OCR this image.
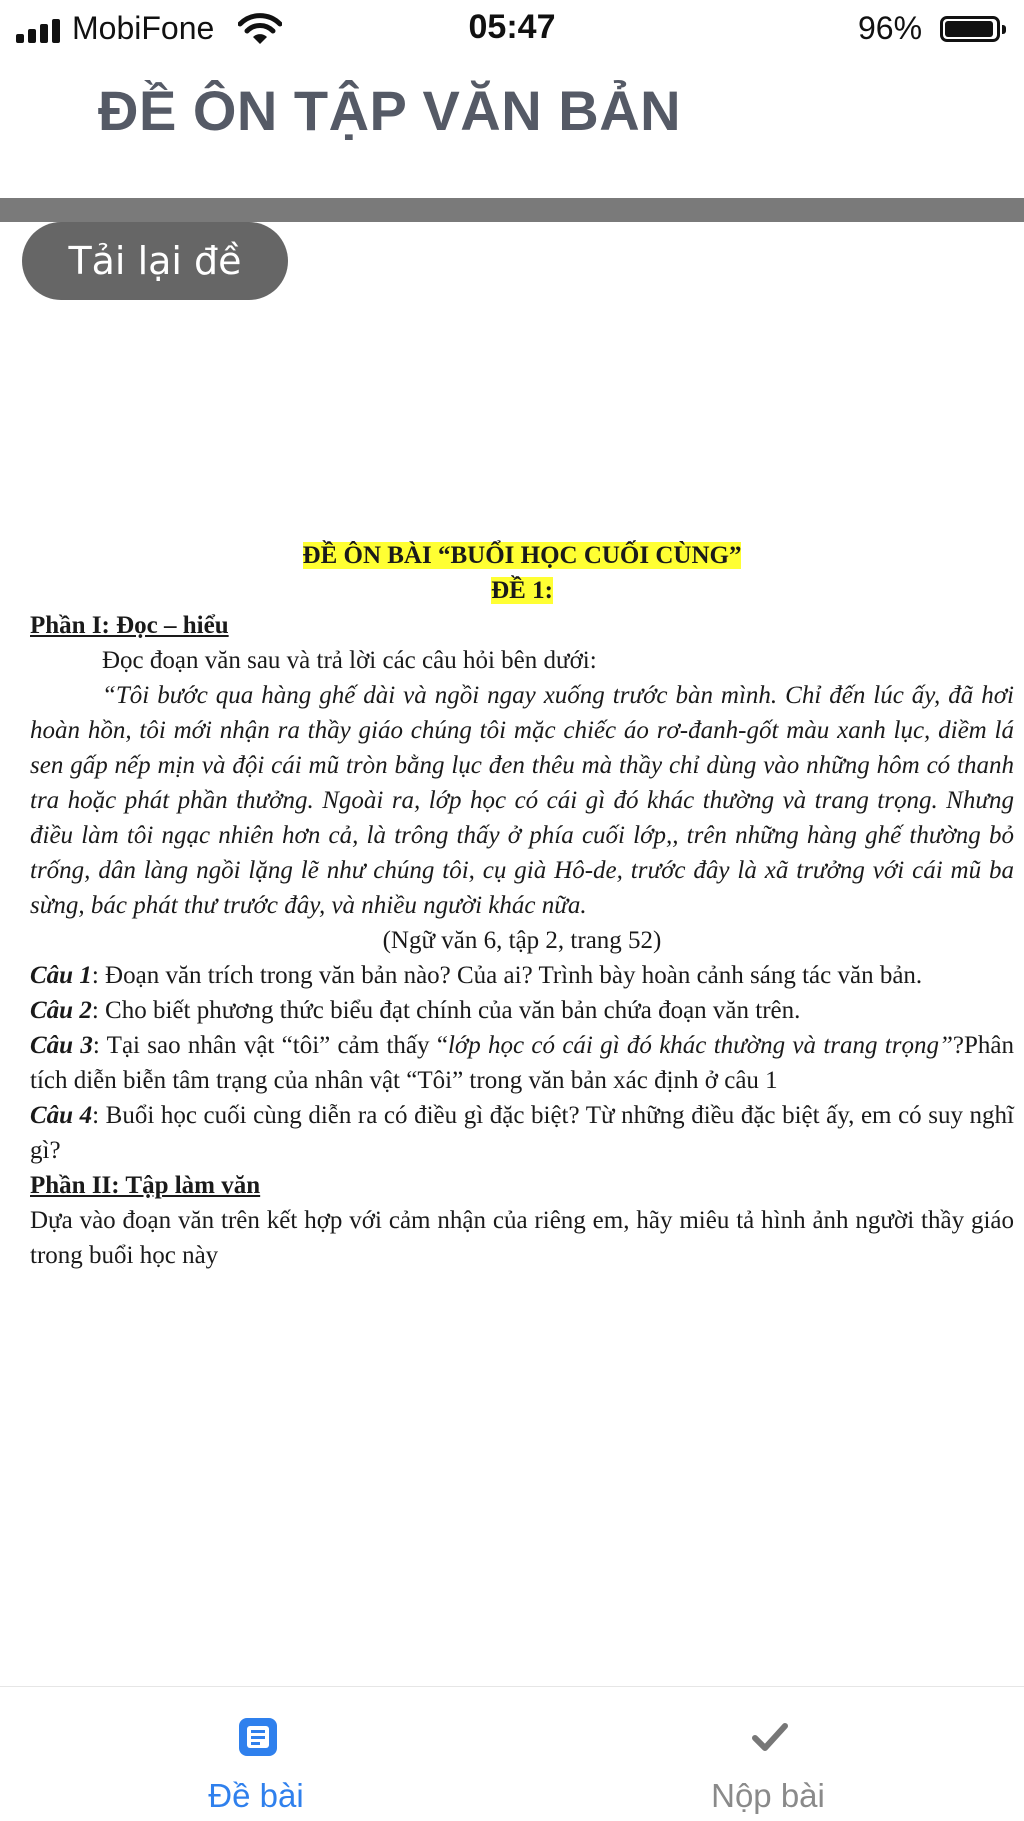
MobiFone	05:47	96%
ĐỀ ÔN TẬP VĂN BẢN
Tải lại đề

ĐỀ ÔN BÀI “BUỔI HỌC CUỐI CÙNG”

ĐỀ 1:

Phần I: Đọc – hiểu

Đọc đoạn văn sau và trả lời các câu hỏi bên dưới:

“Tôi bước qua hàng ghế dài và ngồi ngay xuống trước bàn mình. Chỉ đến lúc ấy, đã hơi hoàn hồn, tôi mới nhận ra thầy giáo chúng tôi mặc chiếc áo rơ-đanh-gốt màu xanh lục, diềm lá sen gấp nếp mịn và đội cái mũ tròn bằng lục đen thêu mà thầy chỉ dùng vào những hôm có thanh tra hoặc phát phần thưởng. Ngoài ra, lớp học có cái gì đó khác thường và trang trọng. Nhưng điều làm tôi ngạc nhiên hơn cả, là trông thấy ở phía cuối lớp,, trên những hàng ghế thường bỏ trống, dân làng ngồi lặng lẽ như chúng tôi, cụ già Hô-de, trước đây là xã trưởng với cái mũ ba sừng, bác phát thư trước đây, và nhiều người khác nữa.

(Ngữ văn 6, tập 2, trang 52)

Câu 1: Đoạn văn trích trong văn bản nào? Của ai? Trình bày hoàn cảnh sáng tác văn bản.

Câu 2: Cho biết phương thức biểu đạt chính của văn bản chứa đoạn văn trên.

Câu 3: Tại sao nhân vật “tôi” cảm thấy “lớp học có cái gì đó khác thường và trang trọng”?Phân tích diễn biễn tâm trạng của nhân vật “Tôi” trong văn bản xác định ở câu 1

Câu 4: Buổi học cuối cùng diễn ra có điều gì đặc biệt? Từ những điều đặc biệt ấy, em có suy nghĩ gì?

Phần II: Tập làm văn

Dựa vào đoạn văn trên kết hợp với cảm nhận của riêng em, hãy miêu tả hình ảnh người thầy giáo trong buổi học này

Đề bài	Nộp bài
